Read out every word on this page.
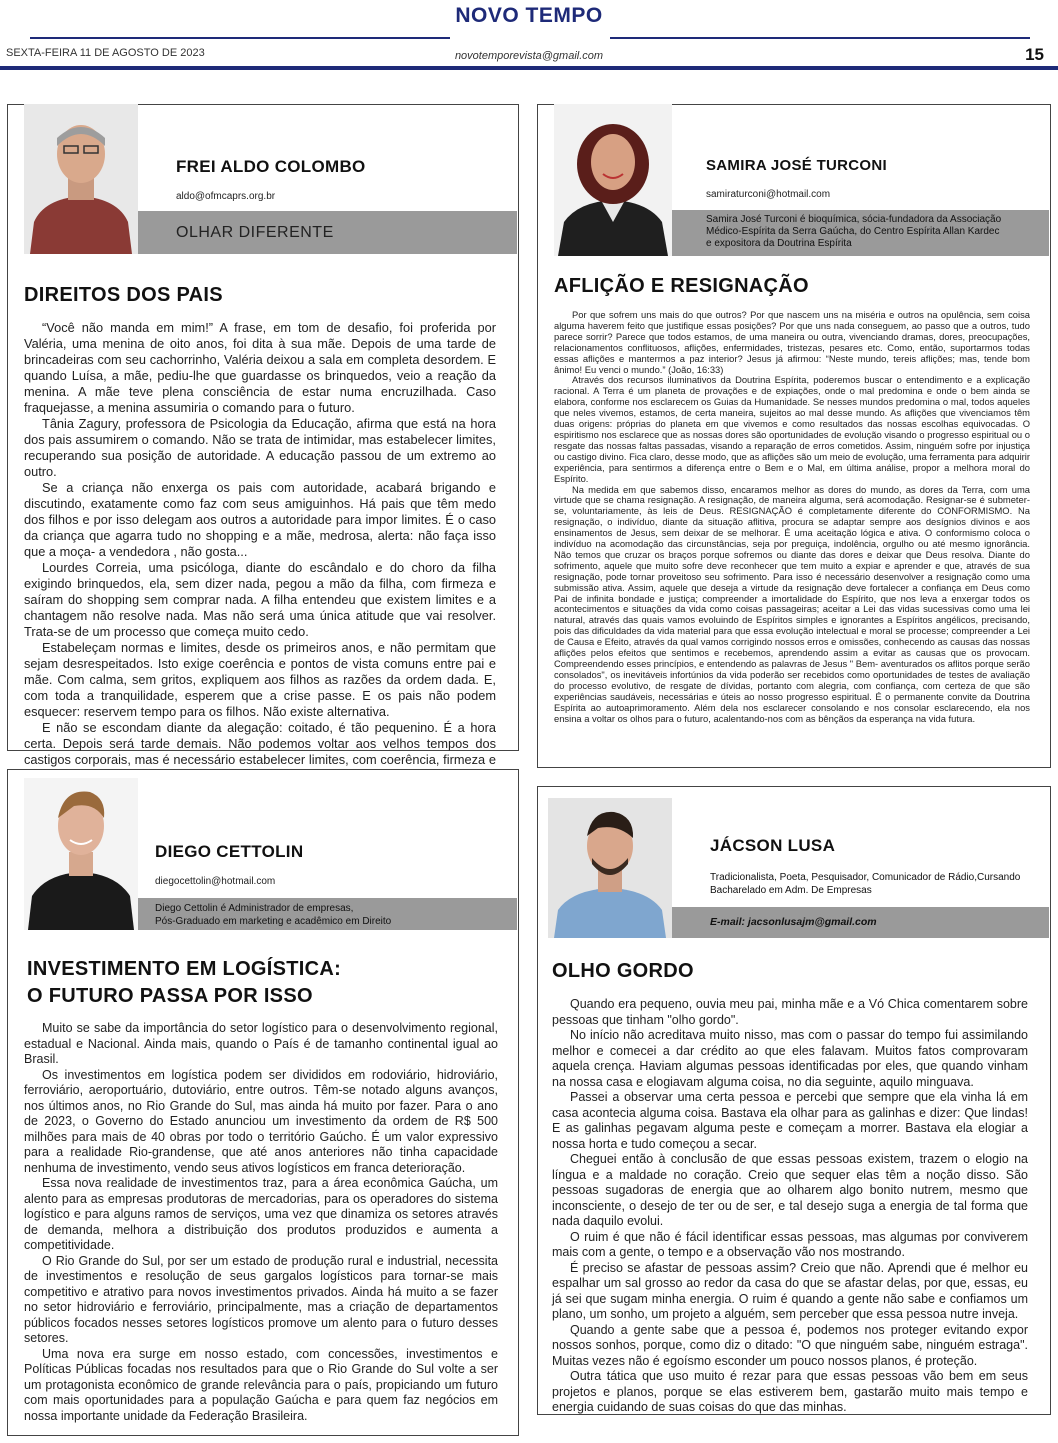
NOVO TEMPO
SEXTA-FEIRA 11 DE AGOSTO DE 2023	novotemporevista@gmail.com	15
FREI ALDO COLOMBO
aldo@ofmcaprs.org.br
OLHAR DIFERENTE
DIREITOS DOS PAIS

“Você não manda em mim!” A frase, em tom de desafio, foi proferida por Valéria, uma menina de oito anos, foi dita à sua mãe. Depois de uma tarde de brincadeiras com seu cachorrinho, Valéria deixou a sala em completa desordem. E quando Luísa, a mãe, pediu-lhe que guardasse os brinquedos, veio a reação da menina. A mãe teve plena consciência de estar numa encruzilhada. Caso fraquejasse, a menina assumiria o comando para o futuro.

Tânia Zagury, professora de Psicologia da Educação, afirma que está na hora dos pais assumirem o comando. Não se trata de intimidar, mas estabelecer limites, recuperando sua posição de autoridade. A educação passou de um extremo ao outro.

Se a criança não enxerga os pais com autoridade, acabará brigando e discutindo, exatamente como faz com seus amiguinhos. Há pais que têm medo dos filhos e por isso delegam aos outros a autoridade para impor limites. É o caso da criança que agarra tudo no shopping e a mãe, medrosa, alerta: não faça isso que a moça- a vendedora , não gosta...

Lourdes Correia, uma psicóloga, diante do escândalo e do choro da filha exigindo brinquedos, ela, sem dizer nada, pegou a mão da filha, com firmeza e saíram do shopping sem comprar nada. A filha entendeu que existem limites e a chantagem não resolve nada. Mas não será uma única atitude que vai resolver. Trata-se de um processo que começa muito cedo.

Estabeleçam normas e limites, desde os primeiros anos, e não permitam que sejam desrespeitados. Isto exige coerência e pontos de vista comuns entre pai e mãe. Com calma, sem gritos, expliquem aos filhos as razões da ordem dada. E, com toda a tranquilidade, esperem que a crise passe. E os pais não podem esquecer: reservem tempo para os filhos. Não existe alternativa.

E não se escondam diante da alegação: coitado, é tão pequenino. É a hora certa. Depois será tarde demais. Não podemos voltar aos velhos tempos dos castigos corporais, mas é necessário estabelecer limites, com coerência, firmeza e

SAMIRA JOSÉ TURCONI
samiraturconi@hotmail.com
Samira José Turconi é bioquímica, sócia-fundadora da Associação Médico-Espírita da Serra Gaúcha, do Centro Espírita Allan Kardec e expositora da Doutrina Espírita
AFLIÇÃO E RESIGNAÇÃO

Por que sofrem uns mais do que outros? Por que nascem uns na miséria e outros na opulência, sem coisa alguma haverem feito que justifique essas posições? Por que uns nada conseguem, ao passo que a outros, tudo parece sorrir? Parece que todos estamos, de uma maneira ou outra, vivenciando dramas, dores, preocupações, relacionamentos conflituosos, aflições, enfermidades, tristezas, pesares etc. Como, então, suportarmos todas essas aflições e mantermos a paz interior? Jesus já afirmou: “Neste mundo, tereis aflições; mas, tende bom ânimo! Eu venci o mundo.” (João, 16:33)

Através dos recursos iluminativos da Doutrina Espírita, poderemos buscar o entendimento e a explicação racional. A Terra é um planeta de provações e de expiações, onde o mal predomina e onde o bem ainda se elabora, conforme nos esclarecem os Guias da Humanidade. Se nesses mundos predomina o mal, todos aqueles que neles vivemos, estamos, de certa maneira, sujeitos ao mal desse mundo. As aflições que vivenciamos têm duas origens: próprias do planeta em que vivemos e como resultados das nossas escolhas equivocadas. O espiritismo nos esclarece que as nossas dores são oportunidades de evolução visando o progresso espiritual ou o resgate das nossas faltas passadas, visando a reparação de erros cometidos. Assim, ninguém sofre por injustiça ou castigo divino. Fica claro, desse modo, que as aflições são um meio de evolução, uma ferramenta para adquirir experiência, para sentirmos a diferença entre o Bem e o Mal, em última análise, propor a melhora moral do Espírito.

Na medida em que sabemos disso, encaramos melhor as dores do mundo, as dores da Terra, com uma virtude que se chama resignação. A resignação, de maneira alguma, será acomodação. Resignar-se é submeter-se, voluntariamente, às leis de Deus. RESIGNAÇÃO é completamente diferente do CONFORMISMO. Na resignação, o indivíduo, diante da situação aflitiva, procura se adaptar sempre aos desígnios divinos e aos ensinamentos de Jesus, sem deixar de se melhorar. É uma aceitação lógica e ativa. O conformismo coloca o indivíduo na acomodação das circunstâncias, seja por preguiça, indolência, orgulho ou até mesmo ignorância. Não temos que cruzar os braços porque sofremos ou diante das dores e deixar que Deus resolva. Diante do sofrimento, aquele que muito sofre deve reconhecer que tem muito a expiar e aprender e que, através de sua resignação, pode tornar proveitoso seu sofrimento. Para isso é necessário desenvolver a resignação como uma submissão ativa. Assim, aquele que deseja a virtude da resignação deve fortalecer a confiança em Deus como Pai de infinita bondade e justiça; compreender a imortalidade do Espírito, que nos leva a enxergar todos os acontecimentos e situações da vida como coisas passageiras; aceitar a Lei das vidas sucessivas como uma lei natural, através das quais vamos evoluindo de Espíritos simples e ignorantes a Espíritos angélicos, precisando, pois das dificuldades da vida material para que essa evolução intelectual e moral se processe; compreender a Lei de Causa e Efeito, através da qual vamos corrigindo nossos erros e omissões, conhecendo as causas das nossas aflições pelos efeitos que sentimos e recebemos, aprendendo assim a evitar as causas que os provocam. Compreendendo esses princípios, e entendendo as palavras de Jesus " Bem- aventurados os aflitos porque serão consolados", os inevitáveis infortúnios da vida poderão ser recebidos como oportunidades de testes de avaliação do processo evolutivo, de resgate de dívidas, portanto com alegria, com confiança, com certeza de que são experiências saudáveis, necessárias e úteis ao nosso progresso espiritual. É o permanente convite da Doutrina Espírita ao autoaprimoramento. Além dela nos esclarecer consolando e nos consolar esclarecendo, ela nos ensina a voltar os olhos para o futuro, acalentando-nos com as bênçãos da esperança na vida futura.

DIEGO CETTOLIN
diegocettolin@hotmail.com
Diego Cettolin é Administrador de empresas,
Pós-Graduado em marketing e acadêmico em Direito
INVESTIMENTO EM LOGÍSTICA:
O FUTURO PASSA POR ISSO

Muito se sabe da importância do setor logístico para o desenvolvimento regional, estadual e Nacional. Ainda mais, quando o País é de tamanho continental igual ao Brasil.

Os investimentos em logística podem ser divididos em rodoviário, hidroviário, ferroviário, aeroportuário, dutoviário, entre outros. Têm-se notado alguns avanços, nos últimos anos, no Rio Grande do Sul, mas ainda há muito por fazer. Para o ano de 2023, o Governo do Estado anunciou um investimento da ordem de R$ 500 milhões para mais de 40 obras por todo o território Gaúcho. É um valor expressivo para a realidade Rio-grandense, que até anos anteriores não tinha capacidade nenhuma de investimento, vendo seus ativos logísticos em franca deterioração.

Essa nova realidade de investimentos traz, para a área econômica Gaúcha, um alento para as empresas produtoras de mercadorias, para os operadores do sistema logístico e para alguns ramos de serviços, uma vez que dinamiza os setores através de demanda, melhora a distribuição dos produtos produzidos e aumenta a competitividade.

O Rio Grande do Sul, por ser um estado de produção rural e industrial, necessita de investimentos e resolução de seus gargalos logísticos para tornar-se mais competitivo e atrativo para novos investimentos privados. Ainda há muito a se fazer no setor hidroviário e ferroviário, principalmente, mas a criação de departamentos públicos focados nesses setores logísticos promove um alento para o futuro desses setores.

Uma nova era surge em nosso estado, com concessões, investimentos e Políticas Públicas focadas nos resultados para que o Rio Grande do Sul volte a ser um protagonista econômico de grande relevância para o país, propiciando um futuro com mais oportunidades para a população Gaúcha e para quem faz negócios em nossa importante unidade da Federação Brasileira.

JÁCSON LUSA
Tradicionalista, Poeta, Pesquisador, Comunicador de Rádio,Cursando
Bacharelado em Adm. De Empresas
E-mail: jacsonlusajm@gmail.com
OLHO GORDO

Quando era pequeno, ouvia meu pai, minha mãe e a Vó Chica comentarem sobre pessoas que tinham "olho gordo".

No início não acreditava muito nisso, mas com o passar do tempo fui assimilando melhor e comecei a dar crédito ao que eles falavam. Muitos fatos comprovaram aquela crença. Haviam algumas pessoas identificadas por eles, que quando vinham na nossa casa e elogiavam alguma coisa, no dia seguinte, aquilo minguava.

Passei a observar uma certa pessoa e percebi que sempre que ela vinha lá em casa acontecia alguma coisa. Bastava ela olhar para as galinhas e dizer: Que lindas! E as galinhas pegavam alguma peste e começam a morrer. Bastava ela elogiar a nossa horta e tudo começou a secar.

Cheguei então à conclusão de que essas pessoas existem, trazem o elogio na língua e a maldade no coração. Creio que sequer elas têm a noção disso. São pessoas sugadoras de energia que ao olharem algo bonito nutrem, mesmo que inconsciente, o desejo de ter ou de ser, e tal desejo suga a energia de tal forma que nada daquilo evolui.

O ruim é que não é fácil identificar essas pessoas, mas algumas por conviverem mais com a gente, o tempo e a observação vão nos mostrando.

É preciso se afastar de pessoas assim? Creio que não. Aprendi que é melhor eu espalhar um sal grosso ao redor da casa do que se afastar delas, por que, essas, eu já sei que sugam minha energia. O ruim é quando a gente não sabe e confiamos um plano, um sonho, um projeto a alguém, sem perceber que essa pessoa nutre inveja.

Quando a gente sabe que a pessoa é, podemos nos proteger evitando expor nossos sonhos, porque, como diz o ditado: "O que ninguém sabe, ninguém estraga". Muitas vezes não é egoísmo esconder um pouco nossos planos, é proteção.

Outra tática que uso muito é rezar para que essas pessoas vão bem em seus projetos e planos, porque se elas estiverem bem, gastarão muito mais tempo e energia cuidando de suas coisas do que das minhas.
